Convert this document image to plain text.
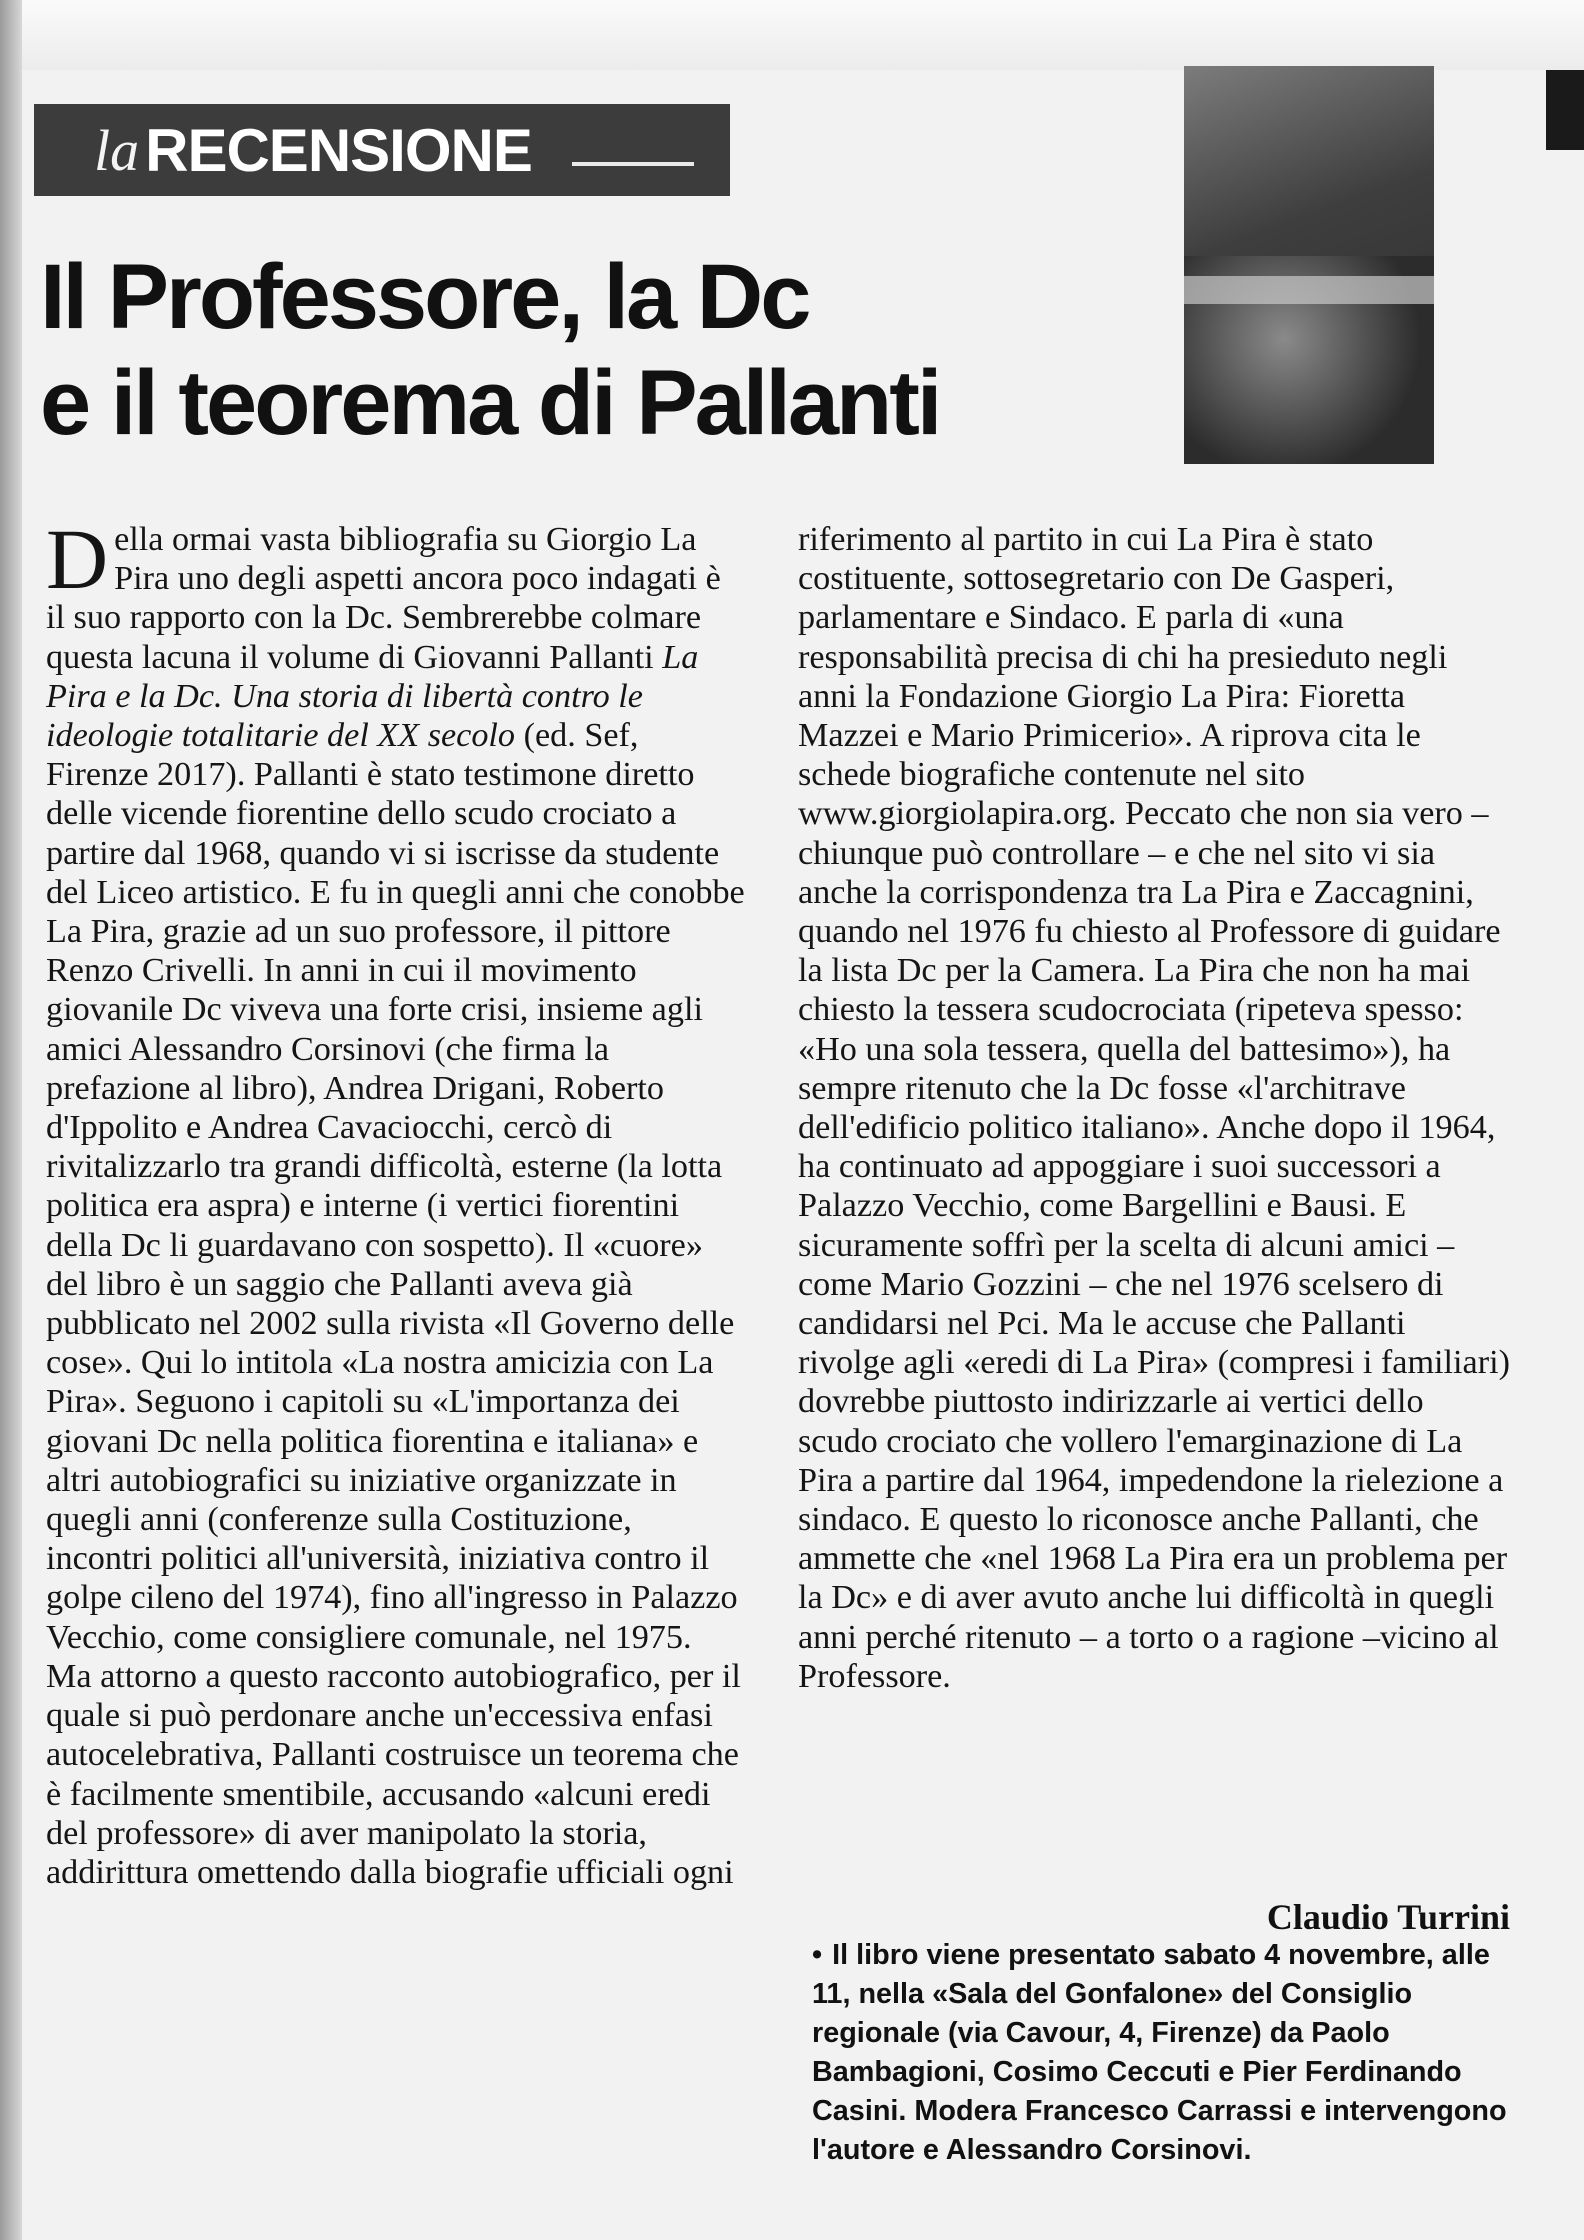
la RECENSIONE
Il Professore, la Dc
e il teorema di Pallanti

Della ormai vasta bibliografia su Giorgio La Pira uno degli aspetti ancora poco indagati è il suo rapporto con la Dc. Sembrerebbe colmare questa lacuna il volume di Giovanni Pallanti La Pira e la Dc. Una storia di libertà contro le ideologie totalitarie del XX secolo (ed. Sef, Firenze 2017). Pallanti è stato testimone diretto delle vicende fiorentine dello scudo crociato a partire dal 1968, quando vi si iscrisse da studente del Liceo artistico. E fu in quegli anni che conobbe La Pira, grazie ad un suo professore, il pittore Renzo Crivelli. In anni in cui il movimento giovanile Dc viveva una forte crisi, insieme agli amici Alessandro Corsinovi (che firma la prefazione al libro), Andrea Drigani, Roberto d'Ippolito e Andrea Cavaciocchi, cercò di rivitalizzarlo tra grandi difficoltà, esterne (la lotta politica era aspra) e interne (i vertici fiorentini della Dc li guardavano con sospetto). Il «cuore» del libro è un saggio che Pallanti aveva già pubblicato nel 2002 sulla rivista «Il Governo delle cose». Qui lo intitola «La nostra amicizia con La Pira». Seguono i capitoli su «L'importanza dei giovani Dc nella politica fiorentina e italiana» e altri autobiografici su iniziative organizzate in quegli anni (conferenze sulla Costituzione, incontri politici all'università, iniziativa contro il golpe cileno del 1974), fino all'ingresso in Palazzo Vecchio, come consigliere comunale, nel 1975.

Ma attorno a questo racconto autobiografico, per il quale si può perdonare anche un'eccessiva enfasi autocelebrativa, Pallanti costruisce un teorema che è facilmente smentibile, accusando «alcuni eredi del professore» di aver manipolato la storia, addirittura omettendo dalla biografie ufficiali ogni

riferimento al partito in cui La Pira è stato costituente, sottosegretario con De Gasperi, parlamentare e Sindaco. E parla di «una responsabilità precisa di chi ha presieduto negli anni la Fondazione Giorgio La Pira: Fioretta Mazzei e Mario Primicerio». A riprova cita le schede biografiche contenute nel sito www.giorgiolapira.org. Peccato che non sia vero – chiunque può controllare – e che nel sito vi sia anche la corrispondenza tra La Pira e Zaccagnini, quando nel 1976 fu chiesto al Professore di guidare la lista Dc per la Camera. La Pira che non ha mai chiesto la tessera scudocrociata (ripeteva spesso: «Ho una sola tessera, quella del battesimo»), ha sempre ritenuto che la Dc fosse «l'architrave dell'edificio politico italiano». Anche dopo il 1964, ha continuato ad appoggiare i suoi successori a Palazzo Vecchio, come Bargellini e Bausi. E sicuramente soffrì per la scelta di alcuni amici – come Mario Gozzini – che nel 1976 scelsero di candidarsi nel Pci. Ma le accuse che Pallanti rivolge agli «eredi di La Pira» (compresi i familiari) dovrebbe piuttosto indirizzarle ai vertici dello scudo crociato che vollero l'emarginazione di La Pira a partire dal 1964, impedendone la rielezione a sindaco. E questo lo riconosce anche Pallanti, che ammette che «nel 1968 La Pira era un problema per la Dc» e di aver avuto anche lui difficoltà in quegli anni perché ritenuto – a torto o a ragione –vicino al Professore.

Claudio Turrini

• Il libro viene presentato sabato 4 novembre, alle 11, nella «Sala del Gonfalone» del Consiglio regionale (via Cavour, 4, Firenze) da Paolo Bambagioni, Cosimo Ceccuti e Pier Ferdinando Casini. Modera Francesco Carrassi e intervengono l'autore e Alessandro Corsinovi.
